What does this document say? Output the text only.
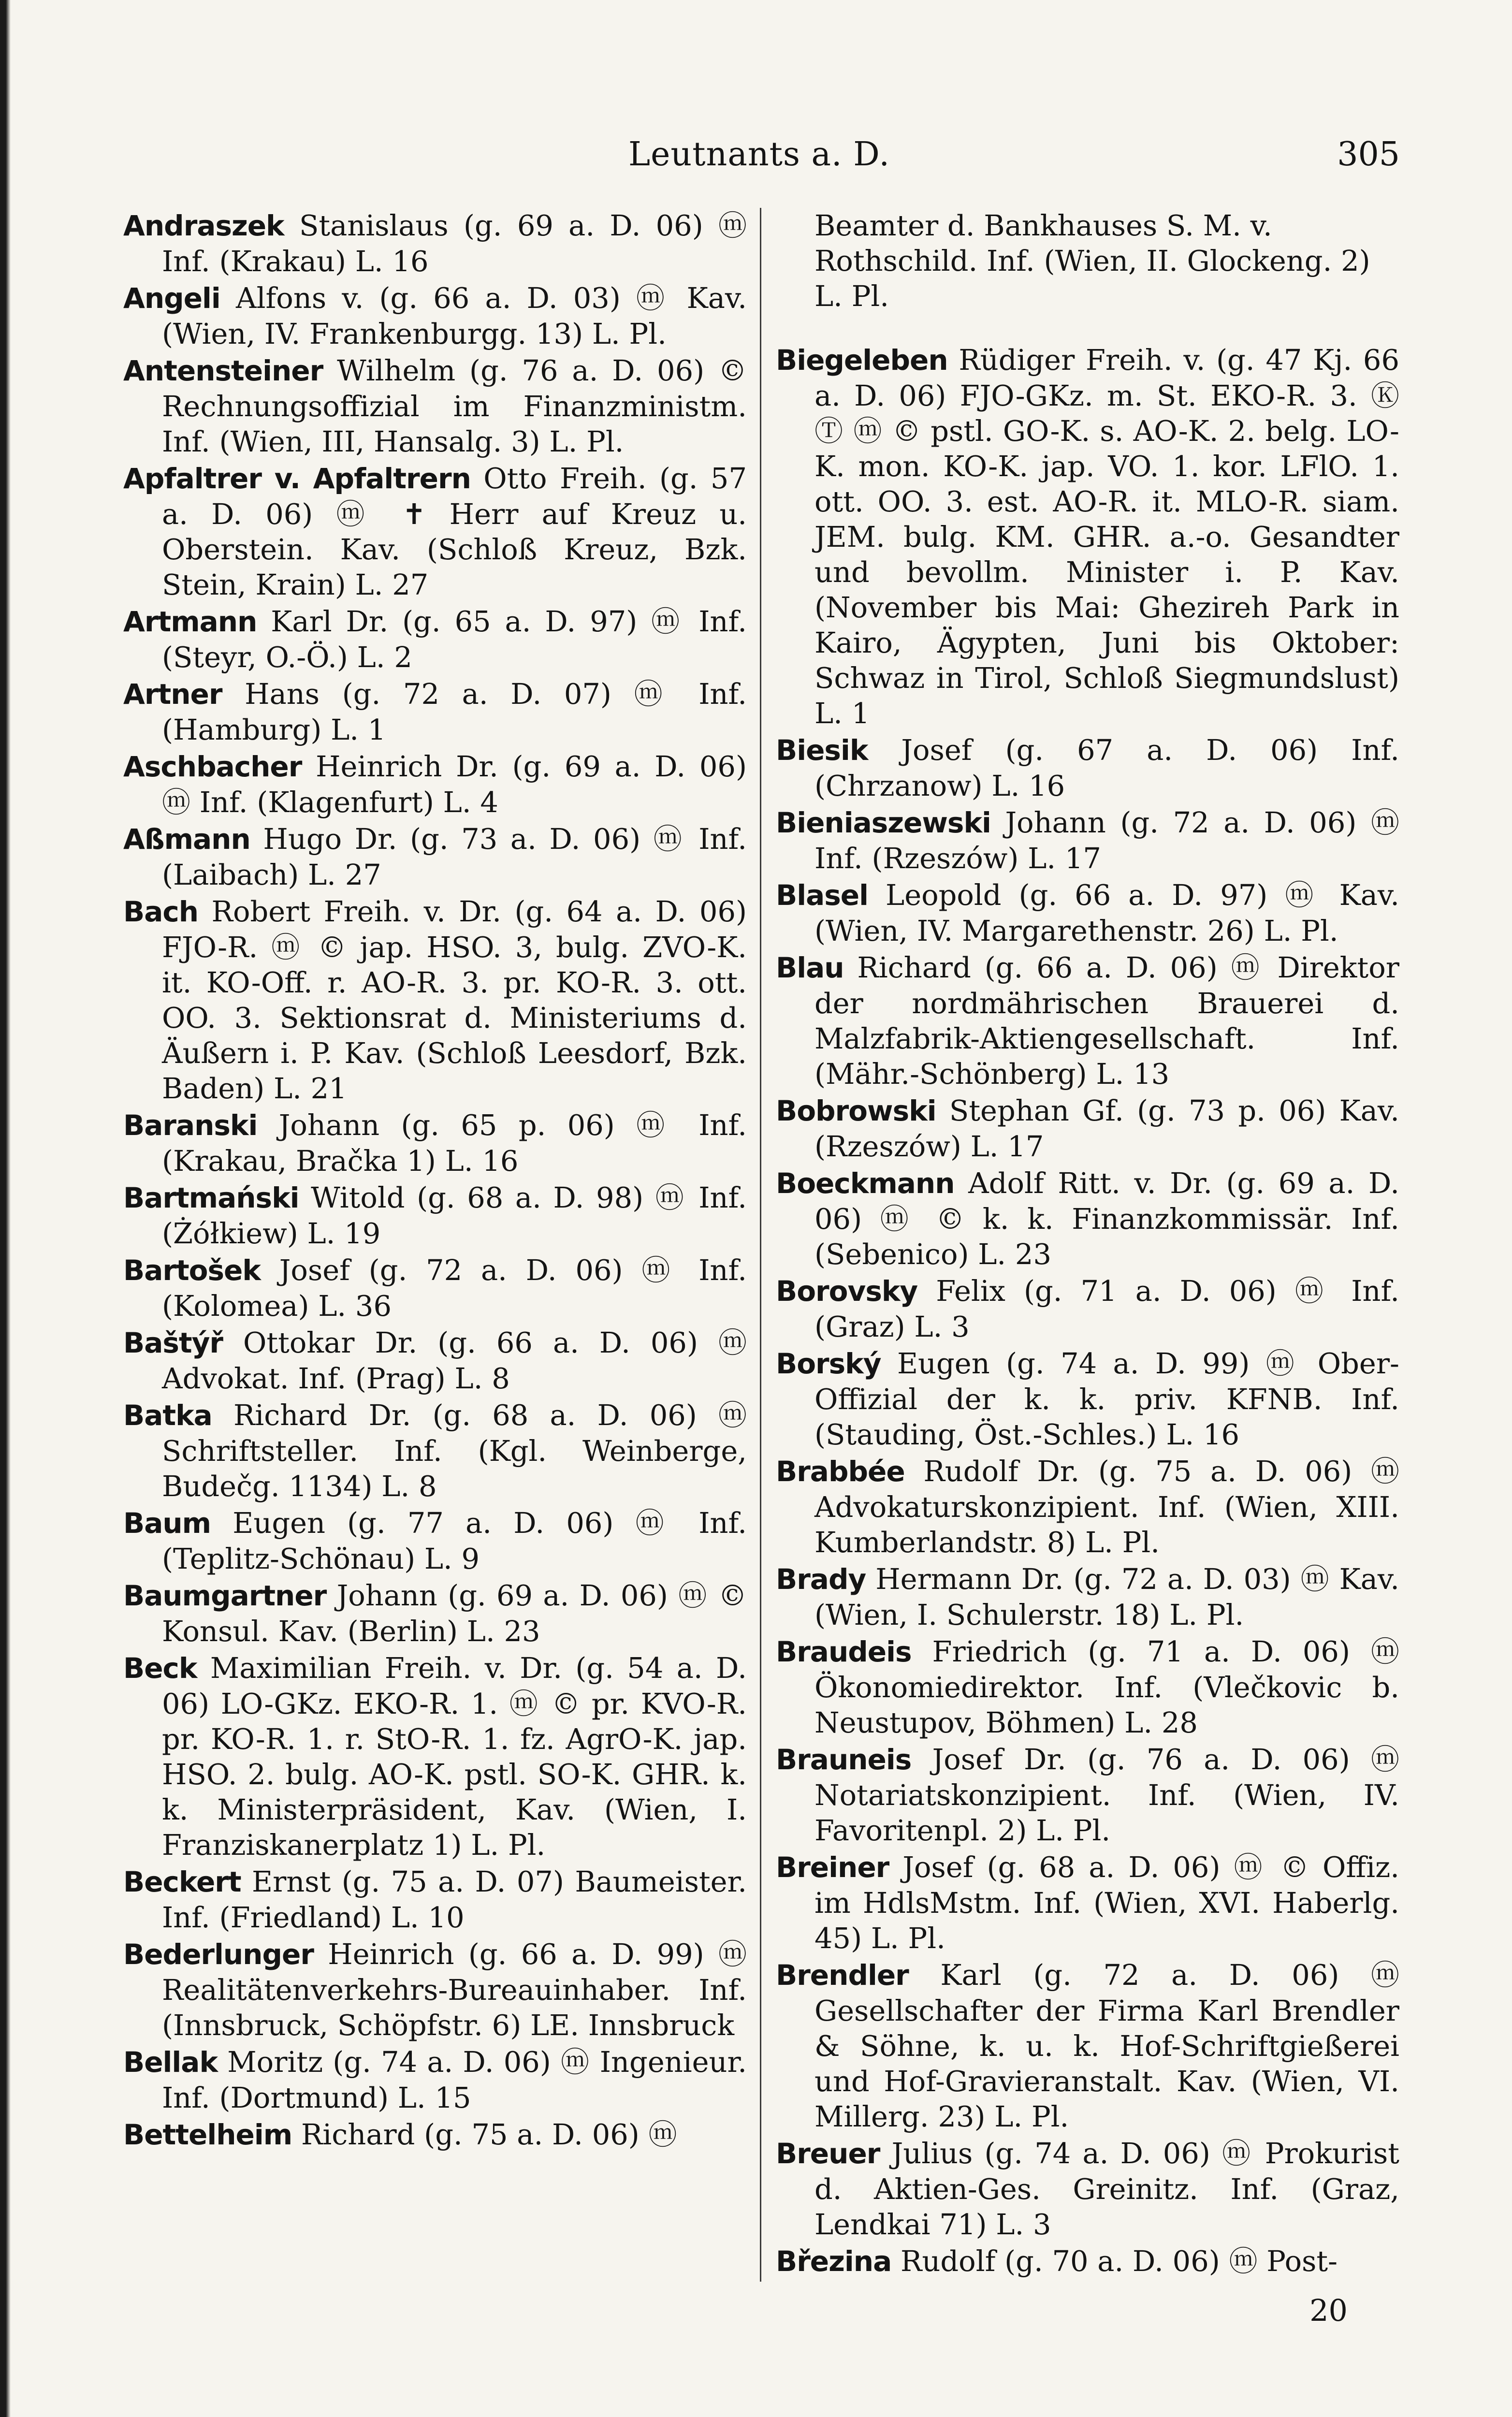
Leutnants a. D.	305

Andraszek Stanislaus (g. 69 a. D. 06) ⓜ Inf. (Krakau) L. 16

Angeli Alfons v. (g. 66 a. D. 03) ⓜ Kav. (Wien, IV. Frankenburgg. 13) L. Pl.

Antensteiner Wilhelm (g. 76 a. D. 06) © Rechnungsoffizial im Finanzministm. Inf. (Wien, III, Hansalg. 3) L. Pl.

Apfaltrer v. Apfaltrern Otto Freih. (g. 57 a. D. 06) ⓜ ✝ Herr auf Kreuz u. Oberstein. Kav. (Schloß Kreuz, Bzk. Stein, Krain) L. 27

Artmann Karl Dr. (g. 65 a. D. 97) ⓜ Inf. (Steyr, O.-Ö.) L. 2

Artner Hans (g. 72 a. D. 07) ⓜ Inf. (Hamburg) L. 1

Aschbacher Heinrich Dr. (g. 69 a. D. 06) ⓜ Inf. (Klagenfurt) L. 4

Aßmann Hugo Dr. (g. 73 a. D. 06) ⓜ Inf. (Laibach) L. 27

Bach Robert Freih. v. Dr. (g. 64 a. D. 06) FJO-R. ⓜ © jap. HSO. 3, bulg. ZVO-K. it. KO-Off. r. AO-R. 3. pr. KO-R. 3. ott. OO. 3. Sektionsrat d. Ministeriums d. Äußern i. P. Kav. (Schloß Leesdorf, Bzk. Baden) L. 21

Baranski Johann (g. 65 p. 06) ⓜ Inf. (Krakau, Bračka 1) L. 16

Bartmański Witold (g. 68 a. D. 98) ⓜ Inf. (Żółkiew) L. 19

Bartošek Josef (g. 72 a. D. 06) ⓜ Inf. (Kolomea) L. 36

Baštýř Ottokar Dr. (g. 66 a. D. 06) ⓜ Advokat. Inf. (Prag) L. 8

Batka Richard Dr. (g. 68 a. D. 06) ⓜ Schriftsteller. Inf. (Kgl. Weinberge, Budečg. 1134) L. 8

Baum Eugen (g. 77 a. D. 06) ⓜ Inf. (Teplitz-Schönau) L. 9

Baumgartner Johann (g. 69 a. D. 06) ⓜ © Konsul. Kav. (Berlin) L. 23

Beck Maximilian Freih. v. Dr. (g. 54 a. D. 06) LO-GKz. EKO-R. 1. ⓜ © pr. KVO-R. pr. KO-R. 1. r. StO-R. 1. fz. AgrO-K. jap. HSO. 2. bulg. AO-K. pstl. SO-K. GHR. k. k. Ministerpräsident, Kav. (Wien, I. Franziskanerplatz 1) L. Pl.

Beckert Ernst (g. 75 a. D. 07) Baumeister. Inf. (Friedland) L. 10

Bederlunger Heinrich (g. 66 a. D. 99) ⓜ Realitätenverkehrs-Bureauinhaber. Inf. (Innsbruck, Schöpfstr. 6) LE. Innsbruck

Bellak Moritz (g. 74 a. D. 06) ⓜ Ingenieur. Inf. (Dortmund) L. 15

Bettelheim Richard (g. 75 a. D. 06) ⓜ

Beamter d. Bankhauses S. M. v. Rothschild. Inf. (Wien, II. Glockeng. 2) L. Pl.

Biegeleben Rüdiger Freih. v. (g. 47 Kj. 66 a. D. 06) FJO-GKz. m. St. EKO-R. 3. Ⓚ Ⓣ ⓜ © pstl. GO-K. s. AO-K. 2. belg. LO-K. mon. KO-K. jap. VO. 1. kor. LFlO. 1. ott. OO. 3. est. AO-R. it. MLO-R. siam. JEM. bulg. KM. GHR. a.-o. Gesandter und bevollm. Minister i. P. Kav. (November bis Mai: Ghezireh Park in Kairo, Ägypten, Juni bis Oktober: Schwaz in Tirol, Schloß Siegmundslust) L. 1

Biesik Josef (g. 67 a. D. 06) Inf. (Chrzanow) L. 16

Bieniaszewski Johann (g. 72 a. D. 06) ⓜ Inf. (Rzeszów) L. 17

Blasel Leopold (g. 66 a. D. 97) ⓜ Kav. (Wien, IV. Margarethenstr. 26) L. Pl.

Blau Richard (g. 66 a. D. 06) ⓜ Direktor der nordmährischen Brauerei d. Malzfabrik-Aktiengesellschaft. Inf. (Mähr.-Schönberg) L. 13

Bobrowski Stephan Gf. (g. 73 p. 06) Kav. (Rzeszów) L. 17

Boeckmann Adolf Ritt. v. Dr. (g. 69 a. D. 06) ⓜ © k. k. Finanzkommissär. Inf. (Sebenico) L. 23

Borovsky Felix (g. 71 a. D. 06) ⓜ Inf. (Graz) L. 3

Borský Eugen (g. 74 a. D. 99) ⓜ Ober-Offizial der k. k. priv. KFNB. Inf. (Stauding, Öst.-Schles.) L. 16

Brabbée Rudolf Dr. (g. 75 a. D. 06) ⓜ Advokaturskonzipient. Inf. (Wien, XIII. Kumberlandstr. 8) L. Pl.

Brady Hermann Dr. (g. 72 a. D. 03) ⓜ Kav. (Wien, I. Schulerstr. 18) L. Pl.

Braudeis Friedrich (g. 71 a. D. 06) ⓜ Ökonomiedirektor. Inf. (Vlečkovic b. Neustupov, Böhmen) L. 28

Brauneis Josef Dr. (g. 76 a. D. 06) ⓜ Notariatskonzipient. Inf. (Wien, IV. Favoritenpl. 2) L. Pl.

Breiner Josef (g. 68 a. D. 06) ⓜ © Offiz. im HdlsMstm. Inf. (Wien, XVI. Haberlg. 45) L. Pl.

Brendler Karl (g. 72 a. D. 06) ⓜ Gesellschafter der Firma Karl Brendler & Söhne, k. u. k. Hof-Schriftgießerei und Hof-Gravieranstalt. Kav. (Wien, VI. Millerg. 23) L. Pl.

Breuer Julius (g. 74 a. D. 06) ⓜ Prokurist d. Aktien-Ges. Greinitz. Inf. (Graz, Lendkai 71) L. 3

Březina Rudolf (g. 70 a. D. 06) ⓜ Post-

20
